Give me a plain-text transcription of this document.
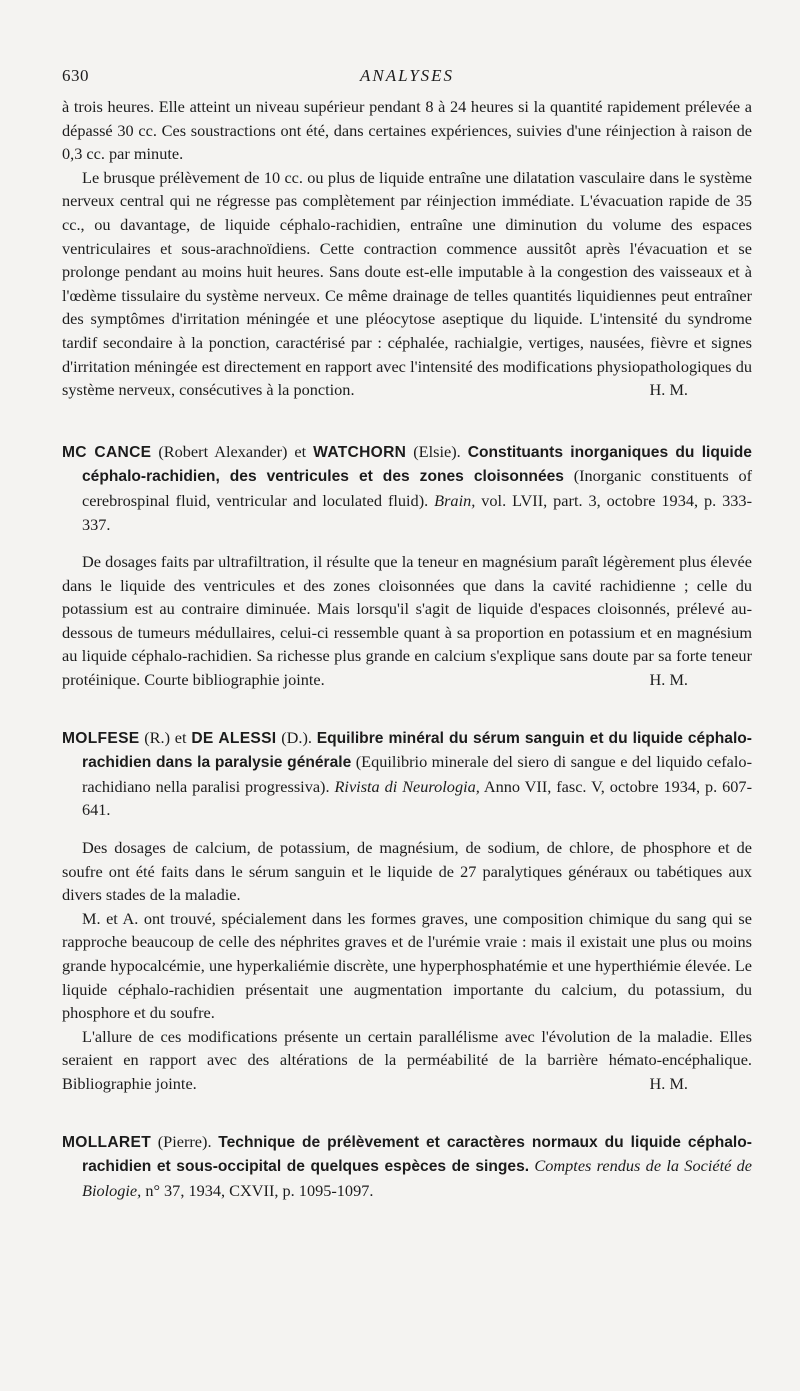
630	ANALYSES

à trois heures. Elle atteint un niveau supérieur pendant 8 à 24 heures si la quantité rapidement prélevée a dépassé 30 cc. Ces soustractions ont été, dans certaines expériences, suivies d'une réinjection à raison de 0,3 cc. par minute.

Le brusque prélèvement de 10 cc. ou plus de liquide entraîne une dilatation vasculaire dans le système nerveux central qui ne régresse pas complètement par réinjection immédiate. L'évacuation rapide de 35 cc., ou davantage, de liquide céphalo-rachidien, entraîne une diminution du volume des espaces ventriculaires et sous-arachnoïdiens. Cette contraction commence aussitôt après l'évacuation et se prolonge pendant au moins huit heures. Sans doute est-elle imputable à la congestion des vaisseaux et à l'œdème tissulaire du système nerveux. Ce même drainage de telles quantités liquidiennes peut entraîner des symptômes d'irritation méningée et une pléocytose aseptique du liquide. L'intensité du syndrome tardif secondaire à la ponction, caractérisé par : céphalée, rachialgie, vertiges, nausées, fièvre et signes d'irritation méningée est directement en rapport avec l'intensité des modifications physiopathologiques du système nerveux, consécutives à la ponction.	H. M.

MC CANCE (Robert Alexander) et WATCHORN (Elsie). Constituants inorganiques du liquide céphalo-rachidien, des ventricules et des zones cloisonnées (Inorganic constituents of cerebrospinal fluid, ventricular and loculated fluid). Brain, vol. LVII, part. 3, octobre 1934, p. 333-337.

De dosages faits par ultrafiltration, il résulte que la teneur en magnésium paraît légèrement plus élevée dans le liquide des ventricules et des zones cloisonnées que dans la cavité rachidienne ; celle du potassium est au contraire diminuée. Mais lorsqu'il s'agit de liquide d'espaces cloisonnés, prélevé au-dessous de tumeurs médullaires, celui-ci ressemble quant à sa proportion en potassium et en magnésium au liquide céphalo-rachidien. Sa richesse plus grande en calcium s'explique sans doute par sa forte teneur protéinique. Courte bibliographie jointe.	H. M.

MOLFESE (R.) et DE ALESSI (D.). Equilibre minéral du sérum sanguin et du liquide céphalo-rachidien dans la paralysie générale (Equilibrio minerale del siero di sangue e del liquido cefalo-rachidiano nella paralisi progressiva). Rivista di Neurologia, Anno VII, fasc. V, octobre 1934, p. 607-641.

Des dosages de calcium, de potassium, de magnésium, de sodium, de chlore, de phosphore et de soufre ont été faits dans le sérum sanguin et le liquide de 27 paralytiques généraux ou tabétiques aux divers stades de la maladie.

M. et A. ont trouvé, spécialement dans les formes graves, une composition chimique du sang qui se rapproche beaucoup de celle des néphrites graves et de l'urémie vraie : mais il existait une plus ou moins grande hypocalcémie, une hyperkaliémie discrète, une hyperphosphatémie et une hyperthiémie élevée. Le liquide céphalo-rachidien présentait une augmentation importante du calcium, du potassium, du phosphore et du soufre.

L'allure de ces modifications présente un certain parallélisme avec l'évolution de la maladie. Elles seraient en rapport avec des altérations de la perméabilité de la barrière hémato-encéphalique. Bibliographie jointe.	H. M.

MOLLARET (Pierre). Technique de prélèvement et caractères normaux du liquide céphalo-rachidien et sous-occipital de quelques espèces de singes. Comptes rendus de la Société de Biologie, n° 37, 1934, CXVII, p. 1095-1097.
